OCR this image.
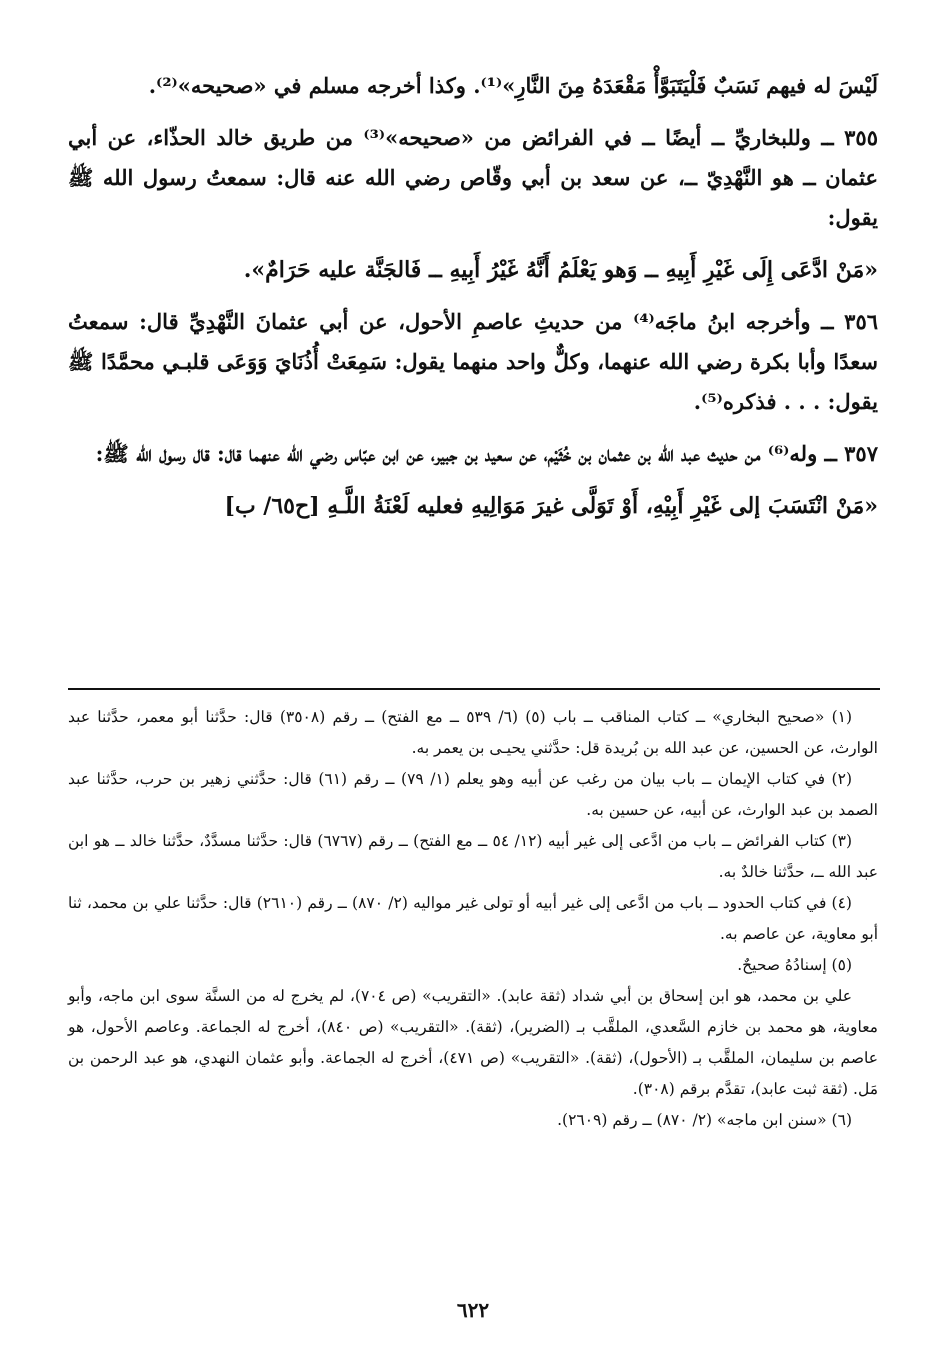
لَيْسَ له فيهم نَسَبٌ فَلْيَتَبَوَّأْ مَقْعَدَهُ مِنَ النَّارِ»⁽¹⁾. وكذا أخرجه مسلم في «صحيحه»⁽²⁾.

٣٥٥ ــ وللبخاريِّ ــ أيضًا ــ في الفرائض من «صحيحه»⁽³⁾ من طريق خالد الحذّاء، عن أبي عثمان ــ هو النَّهْدِيّ ــ، عن سعد بن أبي وقّاص رضي الله عنه قال: سمعتُ رسول الله ﷺ يقول:

«مَنْ ادَّعَى إِلَى غَيْرِ أَبِيهِ ــ وَهو يَعْلَمُ أَنَّهُ غَيْرُ أَبِيهِ ــ فَالجَنَّة عليه حَرَامٌ».

٣٥٦ ــ وأخرجه ابنُ ماجَه⁽⁴⁾ من حديثِ عاصمِ الأحول، عن أبي عثمانَ النَّهْدِيِّ قال: سمعتُ سعدًا وأبا بكرة رضي الله عنهما، وكلٌّ واحد منهما يقول: سَمِعَتْ أُذُنَايَ وَوَعَى قلبـي محمَّدًا ﷺ يقول: . . . فذكره⁽⁵⁾.

٣٥٧ ــ وله⁽⁶⁾ من حديث عبد الله بن عثمان بن خُثَيْم، عن سعيد بن جبير، عن ابن عبّاس رضي الله عنهما قال: قال رسول الله ﷺ:

«مَنْ انْتَسَبَ إلى غَيْرِ أَبِيْهِ، أَوْ تَوَلَّى غيرَ مَوَالِيهِ فعليه لَعْنَةُ اللَّـهِ [ح٦٥/ ب]

(١) «صحيح البخاري» ــ كتاب المناقب ــ باب (٥) (٦/ ٥٣٩ ــ مع الفتح) ــ رقم (٣٥٠٨) قال: حدَّثنا أبو معمر، حدَّثنا عبد الوارث، عن الحسين، عن عبد الله بن بُريدة قل: حدَّثني يحيـى بن يعمر به.

(٢) في كتاب الإيمان ــ باب بيان من رغب عن أبيه وهو يعلم (١/ ٧٩) ــ رقم (٦١) قال: حدَّثني زهير بن حرب، حدَّثنا عبد الصمد بن عبد الوارث، عن أبيه، عن حسين به.

(٣) كتاب الفرائض ــ باب من ادَّعى إلى غير أبيه (١٢/ ٥٤ ــ مع الفتح) ــ رقم (٦٧٦٧) قال: حدَّثنا مسدَّدٌ، حدَّثنا خالد ــ هو ابن عبد الله ــ، حدَّثنا خالدٌ به.

(٤) في كتاب الحدود ــ باب من ادَّعى إلى غير أبيه أو تولى غير مواليه (٢/ ٨٧٠) ــ رقم (٢٦١٠) قال: حدَّثنا علي بن محمد، ثنا أبو معاوية، عن عاصم به.

(٥) إسنادُهُ صحيحٌ.

علي بن محمد، هو ابن إسحاق بن أبي شداد (ثقة عابد). «التقريب» (ص ٧٠٤)، لم يخرج له من السنَّة سوى ابن ماجه، وأبو معاوية، هو محمد بن خازم السَّعدي، الملقَّب بـ (الضرير)، (ثقة). «التقريب» (ص ٨٤٠)، أخرج له الجماعة. وعاصم الأحول، هو عاصم بن سليمان، الملقَّب بـ (الأحول)، (ثقة). «التقريب» (ص ٤٧١)، أخرج له الجماعة. وأبو عثمان النهدي، هو عبد الرحمن بن مَل. (ثقة ثبت عابد)، تقدَّم برقم (٣٠٨).

(٦) «سنن ابن ماجه» (٢/ ٨٧٠) ــ رقم (٢٦٠٩).

٦٢٢
